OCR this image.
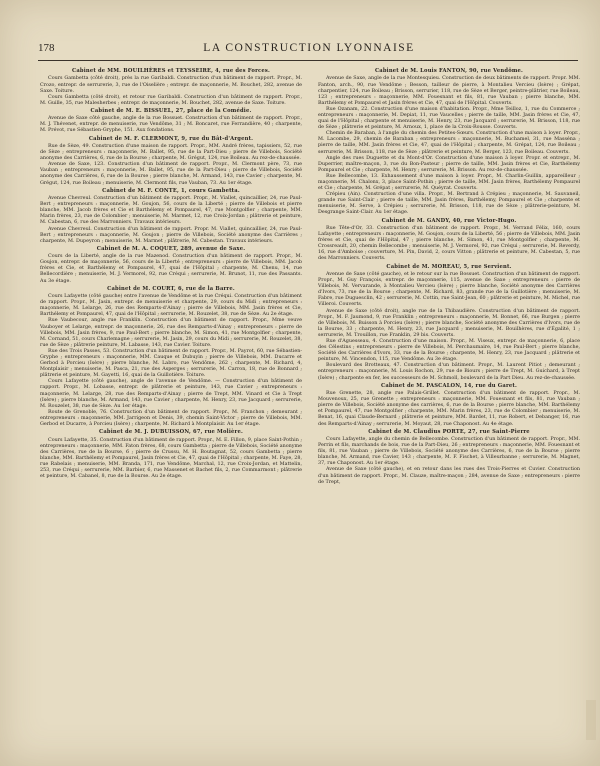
178	LA CONSTRUCTION LYONNAISE
Cabinet de MM. BOUILHÈRES et TEYSSEIRE, 4, rue des Forces.

Cours Gambetta (côté droit), près la rue Garibaldi. Construction d'un bâtiment de rapport. Propr., M. Crozo, entrepr. de serrurerie, 3, rue de l'Oiselière ; entrepr. de maçonnerie, M. Bouchet, 282, avenue de Saxe. Toiture.

Cours Gambetta (côté droit), et retour rue Garibaldi. Construction d'un bâtiment de rapport. Propr., M. Guille, 35, rue Malesherbes ; entrepr. de maçonnerie, M. Bouchet, 282, avenue de Saxe. Toiture.

Cabinet de M. E. BISSUEL, 27, place de la Comédie.

Avenue de Saxe côté gauche, angle de la rue Bossuet. Construction d'un bâtiment de rapport. Propr., M. J. Thévenet, entrepr. de menuiserie, rue Vendôme, 31 ; M. Boncaret, rue Ferrandière, 40 ; charpente, M. Prévot, rue Sébastien-Gryphe, 151. Aux fondations.

Cabinet de M. F. CLERMONT, 9, rue du Bât-d'Argent.

Rue de Sèze, 49. Construction d'une maison de rapport. Propr., MM. André frères, tapissiers, 52, rue de Sèze ; entrepreneurs : maçonnerie, M. Ballet, 95, rue de la Part-Dieu ; pierre de Villebois, Société anonyme des Carrières, 6, rue de la Bourse ; charpente, M. Grégut, 124, rue Boileau. Au rez-de-chaussée.

Avenue de Saxe, 123. Construction d'un bâtiment de rapport. Propr., M. Clermont père, 73, rue Vauban ; entrepreneurs : maçonnerie, M. Ballet, 95, rue de la Part-Dieu ; pierre de Villebois, Société anonyme des Carrières, 6, rue de la Bourse ; pierre blanche, M. Armand, 143, rue Cavier ; charpente, M. Grégut, 124, rue Boileau ; menuiserie, M. Clermont fils, rue Vauban, 73. Au 1er étage.

Cabinet de M. F. CONTE, 1, cours Gambetta.

Avenue Chevreul. Construction d'un bâtiment de rapport. Propr., M. Viallet, quincaillier, 24, rue Paul-Bert ; entrepreneurs : maçonnerie, M. Goujon, 56, cours de la Liberté ; pierre de Villebois et pierre blanche, MM. Jacob frères et Cie et Barthélemy et Pompaurel, 47, rue Montgolfier ; charpente, MM. Marin frères, 23, rue de Colombier ; menuiserie, M. Marmet, 12, rue Croix-Jordan ; plâtrerie et peinture, M. Cabestan, 6, rue des Marronniers. Travaux intérieurs.

Avenue Chevreul. Construction d'un bâtiment de rapport. Propr. M. Viallet, quincaillier, 24, rue Paul-Bert ; entrepreneurs : maçonnerie, M. Goujon ; pierre de Villebois, Société anonyme des Carrières ; charpente, M. Dupeyron ; menuiserie, M. Marmet ; plâtrerie, M. Cabestan. Travaux intérieurs.

Cabinet de M. A. COQUET, 289, avenue de Saxe.

Cours de la Liberté, angle de la rue Mazenod. Construction d'un bâtiment de rapport. Propr., M. Goujon, entrepr. de maçonnerie, 56, cours de la Liberté ; entrepreneurs : pierre de Villebois, MM. Jacob frères et Cie, et Barthélemy et Pompaurel, 47, quai de l'Hôpital ; charpente, M. Chenu, 14, rue Bellecordière ; menuiserie, M. J. Vermorel, 92, rue Créqui ; serrurerie, M. Brunot, 11, rue des Passants. Au 3e étage.

Cabinet de M. COURT, 6, rue de la Barre.

Cours Lafayette (côté gauche) entre l'avenue de Vendôme et la rue Créqui. Construction d'un bâtiment de rapport. Propr., M. Jasin, entrepr. de menuiserie et charpente, 29, cours du Midi ; entrepreneurs : maçonnerie, M. Lelarge, 26, rue des Remparts-d'Ainay ; pierre de Villebois, MM. Jasin frères et Cie, Barthélemy et Pompaurel, 47, quai de l'Hôpital ; serrurerie, M. Rouzelet, 38, rue de Sèze. Au 2e étage.

Rue Vaubecour, angle rue Franklin. Construction d'un bâtiment de rapport. Propr., Mme veuve Vauboyer et Lelarge, entrepr. de maçonnerie, 26, rue des Remparts-d'Ainay ; entrepreneurs : pierre de Villebois, MM. Jasin frères, 9, rue Paul-Bert ; pierre blanche, M. Simon, 41, rue Montgolfier ; charpente, M. Cornand, 51, cours Charlemagne ; serrurerie, M. Jasin, 29, cours du Midi ; serrurerie, M. Rouzelet, 38, rue de Sèze ; plâtrerie peinture, M. Labasse, 143, rue Cavier. Toiture.

Rue des Trois Passes, 53. Construction d'un bâtiment de rapport. Propr., M. Payrot, 60, rue Sébastien-Gryphe ; entrepreneurs : maçonnerie, MM. Cauque et Dubuyin ; pierre de Villebois, MM. Ducarre et Gerbod à Porcieu (Isère) ; pierre blanche, M. Labro, rue Vendôme, 262 ; charpente, M. Richard, 4, Montplaisir ; menuiserie, M. Pasca, 21, rue des Asperges ; serrurerie, M. Carron, 18, rue de Bonnard ; plâtrerie et peinture, M. Gayetti, 16, quai de la Guillotière. Toiture.

Cours Lafayette (côté gauche), angle de l'avenue de Vendôme. — Construction d'un bâtiment de rapport. Propr., M. Lobasse, entrepr. de plâtrerie et peinture, 143, rue Cavier ; entrepreneurs : maçonnerie, M. Lelarge, 28, rue des Remparts-d'Ainay ; pierre de Trept, MM. Vinard et Cie à Trept (Isère) ; pierre blanche, M. Armand, 143, rue Cavier ; charpente, M. Henry, 23, rue Jacquard ; serrurerie, M. Rouzelet, 38, rue de Sèze. Au 1er étage.

Route de Grenoble, 76. Construction d'un bâtiment de rapport. Propr., M. Franchon ; demeurant ; entrepreneurs : maçonnerie, MM. Jarrigeon et Denis, 39, chemin Saint-Victor ; pierre de Villebois, MM. Gerbod et Ducarre, à Porcieu (Isère) ; charpente, M. Richard à Montplaisir. Au 1er étage.

Cabinet de M. J. DUBUISSON, 67, rue Molière.

Cours Lafayette, 35. Construction d'un bâtiment de rapport. Propr., M. E. Fillon, 9, place Saint-Pothin ; entrepreneurs : maçonnerie, MM. Faton frères, 68, cours Gambetta ; pierre de Villebois, Société anonyme des Carrières, rue de la Bourse, 6 ; pierre de Crussu, M. H. Boutagnat, 52, cours Gambetta ; pierre blanche, MM. Barthélemy et Pompaurel, Jasin frères et Cie, 47, quai de l'Hôpital ; charpente, M. Faye, 28, rue Rabelais ; menuiserie, MM. Branda, 171, rue Vendôme, Marchal, 12, rue Croix-Jordan, et Mattelin, 253, rue Créqui ; serrurerie, MM. Barbier, 6, rue Massenet et Bachet fils, 2, rue Commarmont ; plâtrerie et peinture, M. Cabanel, 8, rue de la Bourse. Au 2e étage.

Cabinet de M. Louis FANTON, 90, rue Vendôme.

Avenue de Saxe, angle de la rue Montesquieu. Construction de deux bâtiments de rapport. Propr. MM. Fanton, arch., 90, rue Vendôme ; Besson, tailleur de pierre, à Montalieu Vercieu (Isère) ; Grépat, charpentier, 124, rue Boileau ; Brisson, serrurier, 118, rue de Sèze et Berger, peintre-plâtrier, rue Boileau, 123 ; entrepreneurs : maçonnerie, MM. Fouesnant et fils, 81, rue Vauban ; pierre blanche, MM. Barthélemy et Pompaurel et Jasin frères et Cie, 47, quai de l'Hôpital. Couverts.

Rue Ozanam, 22. Construction d'une maison d'habitation. Propr., Mme Teilloz, 1, rue du Commerce ; entrepreneurs : maçonnerie, M. Depiat, 11, rue Vaucelles ; pierre de taille, MM. Jasin frères et Cie, 47, quai de l'Hôpital ; charpente et menuiserie, M. Henry, 23, rue Jacquard ; serrurerie, M. Brisson, 118, rue de Sèze ; plâtrerie et peinture, M. Arnoux, 1, place de la Croix-Rousse. Couverts.

Chemin de Baraban, à l'angle du chemin des Petites-Sœurs. Construction d'une maison à loyer. Propr., M. Lacombe, 29, chemin de Baraban ; entrepreneurs : maçonnerie, M. Buchamel, 31, rue Masséna ; pierre de taille, MM. Jasin frères et Cie, 47, quai de l'Hôpital ; charpente, M. Grépat, 124, rue Boileau ; serrurerie, M. Brisson, 118, rue de Sèze ; plâtrerie et peinture, M. Berger, 123, rue Boileau. Couverts.

Angle des rues Duguette et du Mont-d'Or. Construction d'une maison à loyer. Propr. et entrepr., M. Duperrier, maître-maçon, 3, rue du Bon-Pasteur ; pierre de taille, MM. Jasin frères et Cie, Barthélemy Pompaurel et Cie ; charpente, M. Henry ; serrurerie, M. Brisson. Au rez-de-chaussée.

Rue Bellecombe, 13. Exhaussement d'une maison à loyer. Propr., M. Charlin-Guillin, appareilleur ; maçonnerie, M. Chalonx, 3, place Saint-Pothin ; pierre de taille, MM. Jasin frères, Barthélemy Pompaurel et Cie ; charpente, M. Grépat ; serrurerie, M. Quéyrat. Couverts.

Crépieu (Ain). Construction d'une villa. Propr., M. Bertrand à Crépieu ; maçonnerie, M. Sauvaneil, grande rue Saint-Clair ; pierre de taille, MM. Jasin frères, Barthélemy, Pompaurel et Cie ; charpente et menuiserie, M. Serve, à Crépieu ; serrurerie, M. Brisson, 118, rue de Sèze ; plâtrerie-peinture, M. Desgrange Saint-Clair. Au 1er étage.

Cabinet de M. GANDY, 40, rue Victor-Hugo.

Rue Tête-d'Or, 33. Construction d'un bâtiment de rapport. Propr., M. Verrand Félix, 160, cours Lafayette ; entrepreneurs : maçonnerie, M. Goujon, cours de la Liberté, 56 ; pierre de Villebois, MM. Jasin frères et Cie, quai de l'Hôpital, 47 ; pierre blanche, M. Simon, 41, rue Montgolfier ; charpente, M. Crossreault, 20, chemin Bellecombe ; menuiserie, M. J. Vermorel, 92, rue Créqui ; serrurerie, M. Reverdy, 16, rue d'Amboise ; couverture, M. Pin, David, 2, cours Vitton ; plâtrerie et peinture, M. Cabestan, 5, rue des Marronniers. Couverts.

Cabinet de M. MOREAU, 5, rue Servient.

Avenue de Saxe (côté gauche), et le retour sur la rue Bossuet. Construction d'un bâtiment de rapport. Propr., M. Guy François, entrepr. de maçonnerie, 115, avenue de Saxe ; entrepreneurs : pierre de Villebois, M. Vervarande, à Montalieu Vercieu (Isère) ; pierre blanche, Société anonyme des Carrières d'Ivors, 73, rue de la Bourse ; charpente, M. Richard, 83, grande rue de la Guillotière ; menuiserie, M. Fabre, rue Duguesclin, 42 ; serrurerie, M. Cottin, rue Saint-Jean, 60 ; plâtrerie et peinture, M. Michel, rue Villeroi. Couverts.

Avenue de Saxe (côté droit), angle rue de la Thibaudière. Construction d'un bâtiment de rapport. Propr., M. F. Jaumond, 9, rue Franklin ; entrepreneurs : maçonnerie, M. Bonnet, 66, rue Burgen ; pierre de Villebois, M. Buisson à Porcieu (Isère) ; pierre blanche, Société anonyme des Carrières d'Ivors, rue de la Bourse, 33 ; charpente, M. Henry, 23, rue Jacquard ; menuiserie, M. Bouilhères, rue d'Égalité, 1 ; serrurerie, M. Trouillon, rue Franklin, 29 bis. Couverts.

Rue d'Aguesseau, 4. Construction d'une maison. Propr., M. Viseux, entrepr. de maçonnerie, 6, place des Célestins ; entrepreneurs : pierre de Villebois, M. Perchaumaire, 14, rue Paul-Bert ; pierre blanche, Société des Carrières d'Ivors, 33, rue de la Bourse ; charpente, M. Henry, 23, rue Jacquard ; plâtrerie et peinture, M. Vincendon, 115, rue Vendôme. Au 3e étage.

Boulevard des Brotteaux, 47. Construction d'un bâtiment. Propr., M. Laurent Pitiot ; demeurant ; entrepreneurs : maçonnerie, M. Louis Rochon, 29, rue de Biours ; pierre de Trept, M. Guichard, à Trept (Isère) ; charpente en fer, les successeurs de M. Schmoll, boulevard de la Part Dieu. Au rez-de-chaussée.

Cabinet de M. PASCALON, 14, rue du Garet.

Rue Grenette, 28, angle rue Palais-Grillet. Construction d'un bâtiment de rapport. Propr., M. Mouvenoux, 25, rue Grenette ; entrepreneurs : maçonnerie, MM. Fouesnant et fils, 81, rue Vauban ; pierre de Villebois, Société anonyme des carrières, 6, rue de la Bourse ; pierre blanche, MM. Barthélemy et Pompaurel, 47, rue Montgolfier ; charpente, MM. Marin frères, 23, rue de Colombier ; menuiserie, M. Benat, 16, quai Claude-Bernard ; plâtrerie et peinture, MM. Bardet, 11, rue Robert, et Debanger, 16, rue des Remparts-d'Ainay ; serrurerie, M. Moyaut, 28, rue Chaponost. Au 4e étage.

Cabinet de M. Claudius PORTE, 27, rue Saint-Pierre

Cours Lafayette, angle du chemin de Bellecombe. Construction d'un bâtiment de rapport. Propr., MM. Perrin et fils, marchands de bois, rue de la Part-Dieu, 26 ; entrepreneurs : maçonnerie, MM. Fouesnant et fils, 81, rue Vauban ; pierre de Villebois, Société anonyme des Carrières, 6, rue de la Bourse ; pierre blanche, M. Armand, rue Cavier, 143 ; charpente, M. F. Fischet, à Villeurbanne ; serrurerie, M. Magnet, 37, rue Chaponost. Au 1er étage.

Avenue de Saxe (côté gauche), et en retour dans les rues des Trois-Pierres et Cuvier. Construction d'un bâtiment de rapport. Propr., M. Clauze, maître-maçon ; 284, avenue de Saxe ; entrepreneurs : pierre de Trept,
